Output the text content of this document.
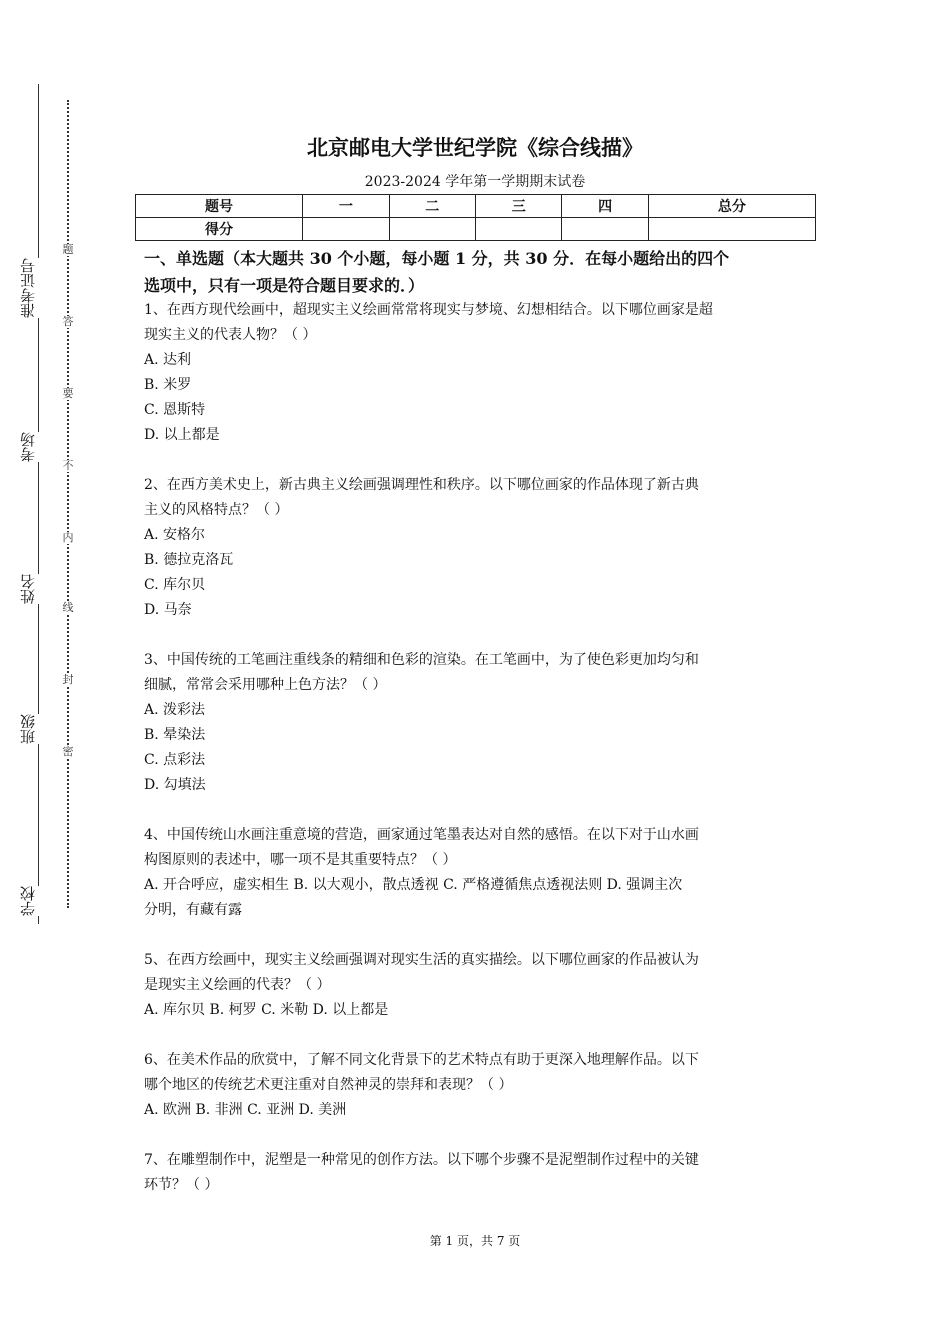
准考证号
考场
姓名
班级
学校
题
答
要
不
内
线
封
密
北京邮电大学世纪学院《综合线描》
2023-2024 学年第一学期期末试卷
题号	一	二	三	四	总分
得分					

一、单选题（本大题共 30 个小题，每小题 1 分，共 30 分．在每小题给出的四个

选项中，只有一项是符合题目要求的．）

1、在西方现代绘画中，超现实主义绘画常常将现实与梦境、幻想相结合。以下哪位画家是超

现实主义的代表人物？（ ）

A. 达利

B. 米罗

C. 恩斯特

D. 以上都是

2、在西方美术史上，新古典主义绘画强调理性和秩序。以下哪位画家的作品体现了新古典

主义的风格特点？（ ）

A. 安格尔

B. 德拉克洛瓦

C. 库尔贝

D. 马奈

3、中国传统的工笔画注重线条的精细和色彩的渲染。在工笔画中，为了使色彩更加均匀和

细腻，常常会采用哪种上色方法？（ ）

A. 泼彩法

B. 晕染法

C. 点彩法

D. 勾填法

4、中国传统山水画注重意境的营造，画家通过笔墨表达对自然的感悟。在以下对于山水画

构图原则的表述中，哪一项不是其重要特点？（ ）

A. 开合呼应，虚实相生 B. 以大观小，散点透视 C. 严格遵循焦点透视法则 D. 强调主次

分明，有藏有露

5、在西方绘画中，现实主义绘画强调对现实生活的真实描绘。以下哪位画家的作品被认为

是现实主义绘画的代表？（ ）

A. 库尔贝 B. 柯罗 C. 米勒 D. 以上都是

6、在美术作品的欣赏中，了解不同文化背景下的艺术特点有助于更深入地理解作品。以下

哪个地区的传统艺术更注重对自然神灵的崇拜和表现？（ ）

A. 欧洲 B. 非洲 C. 亚洲 D. 美洲

7、在雕塑制作中，泥塑是一种常见的创作方法。以下哪个步骤不是泥塑制作过程中的关键

环节？（ ）

第 1 页，共 7 页
